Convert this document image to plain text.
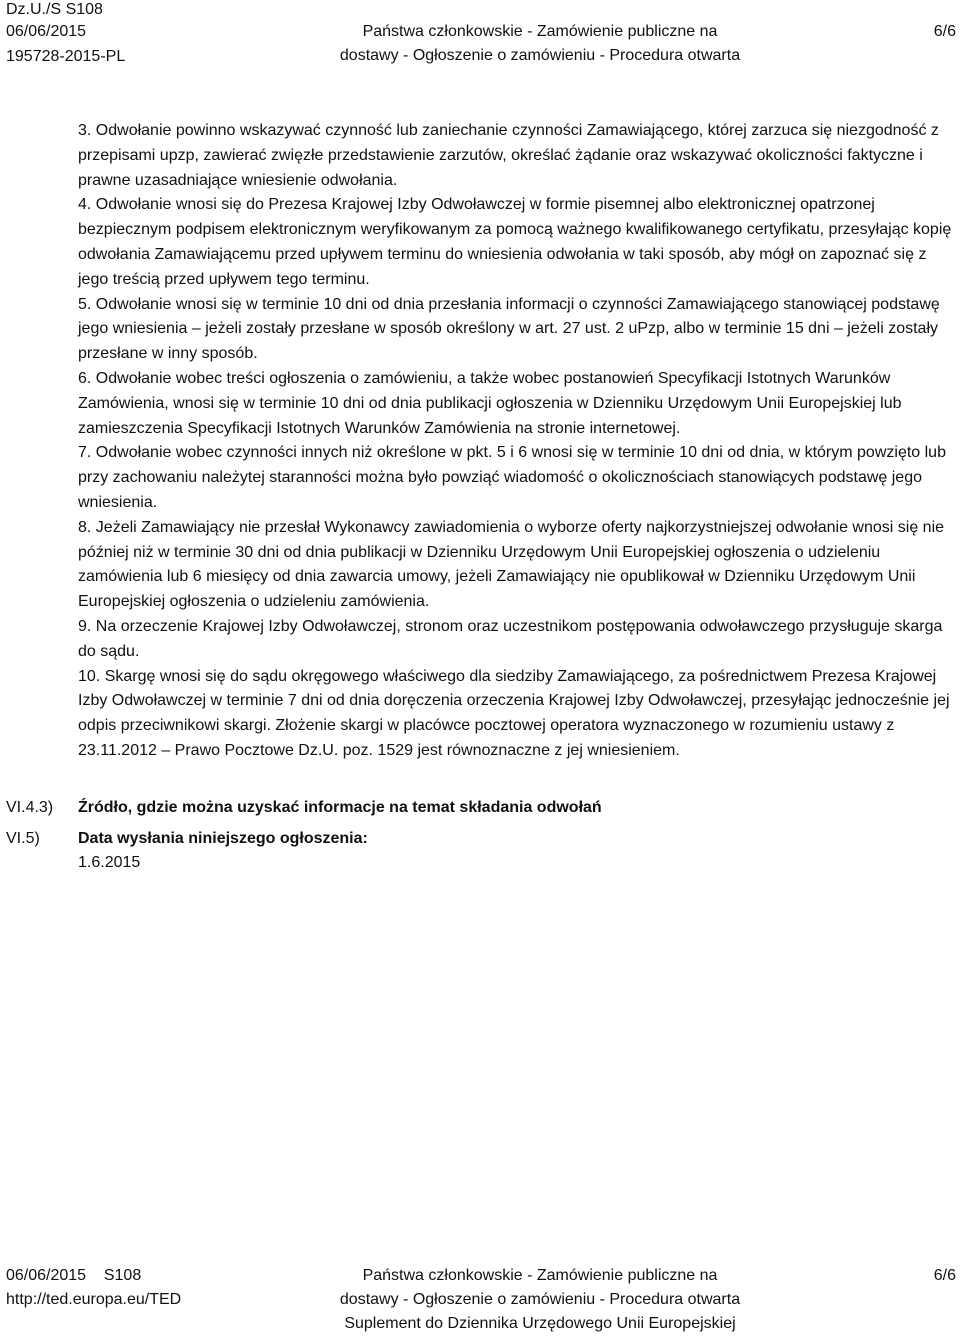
Dz.U./S S108
06/06/2015
195728-2015-PL
Państwa członkowskie - Zamówienie publiczne na
dostawy - Ogłoszenie o zamówieniu - Procedura otwarta
6/6

3. Odwołanie powinno wskazywać czynność lub zaniechanie czynności Zamawiającego, której zarzuca się niezgodność z przepisami upzp, zawierać zwięzłe przedstawienie zarzutów, określać żądanie oraz wskazywać okoliczności faktyczne i prawne uzasadniające wniesienie odwołania.

4. Odwołanie wnosi się do Prezesa Krajowej Izby Odwoławczej w formie pisemnej albo elektronicznej opatrzonej bezpiecznym podpisem elektronicznym weryfikowanym za pomocą ważnego kwalifikowanego certyfikatu, przesyłając kopię odwołania Zamawiającemu przed upływem terminu do wniesienia odwołania w taki sposób, aby mógł on zapoznać się z jego treścią przed upływem tego terminu.

5. Odwołanie wnosi się w terminie 10 dni od dnia przesłania informacji o czynności Zamawiającego stanowiącej podstawę jego wniesienia – jeżeli zostały przesłane w sposób określony w art. 27 ust. 2 uPzp, albo w terminie 15 dni – jeżeli zostały przesłane w inny sposób.

6. Odwołanie wobec treści ogłoszenia o zamówieniu, a także wobec postanowień Specyfikacji Istotnych Warunków Zamówienia, wnosi się w terminie 10 dni od dnia publikacji ogłoszenia w Dzienniku Urzędowym Unii Europejskiej lub zamieszczenia Specyfikacji Istotnych Warunków Zamówienia na stronie internetowej.

7. Odwołanie wobec czynności innych niż określone w pkt. 5 i 6 wnosi się w terminie 10 dni od dnia, w którym powzięto lub przy zachowaniu należytej staranności można było powziąć wiadomość o okolicznościach stanowiących podstawę jego wniesienia.

8. Jeżeli Zamawiający nie przesłał Wykonawcy zawiadomienia o wyborze oferty najkorzystniejszej odwołanie wnosi się nie później niż w terminie 30 dni od dnia publikacji w Dzienniku Urzędowym Unii Europejskiej ogłoszenia o udzieleniu zamówienia lub 6 miesięcy od dnia zawarcia umowy, jeżeli Zamawiający nie opublikował w Dzienniku Urzędowym Unii Europejskiej ogłoszenia o udzieleniu zamówienia.

9. Na orzeczenie Krajowej Izby Odwoławczej, stronom oraz uczestnikom postępowania odwoławczego przysługuje skarga do sądu.

10. Skargę wnosi się do sądu okręgowego właściwego dla siedziby Zamawiającego, za pośrednictwem Prezesa Krajowej Izby Odwoławczej w terminie 7 dni od dnia doręczenia orzeczenia Krajowej Izby Odwoławczej, przesyłając jednocześnie jej odpis przeciwnikowi skargi. Złożenie skargi w placówce pocztowej operatora wyznaczonego w rozumieniu ustawy z 23.11.2012 – Prawo Pocztowe Dz.U. poz. 1529 jest równoznaczne z jej wniesieniem.

VI.4.3) Źródło, gdzie można uzyskać informacje na temat składania odwołań
VI.5) Data wysłania niniejszego ogłoszenia:
1.6.2015
06/06/2015    S108
http://ted.europa.eu/TED
Państwa członkowskie - Zamówienie publiczne na
dostawy - Ogłoszenie o zamówieniu - Procedura otwarta
Suplement do Dziennika Urzędowego Unii Europejskiej
6/6
